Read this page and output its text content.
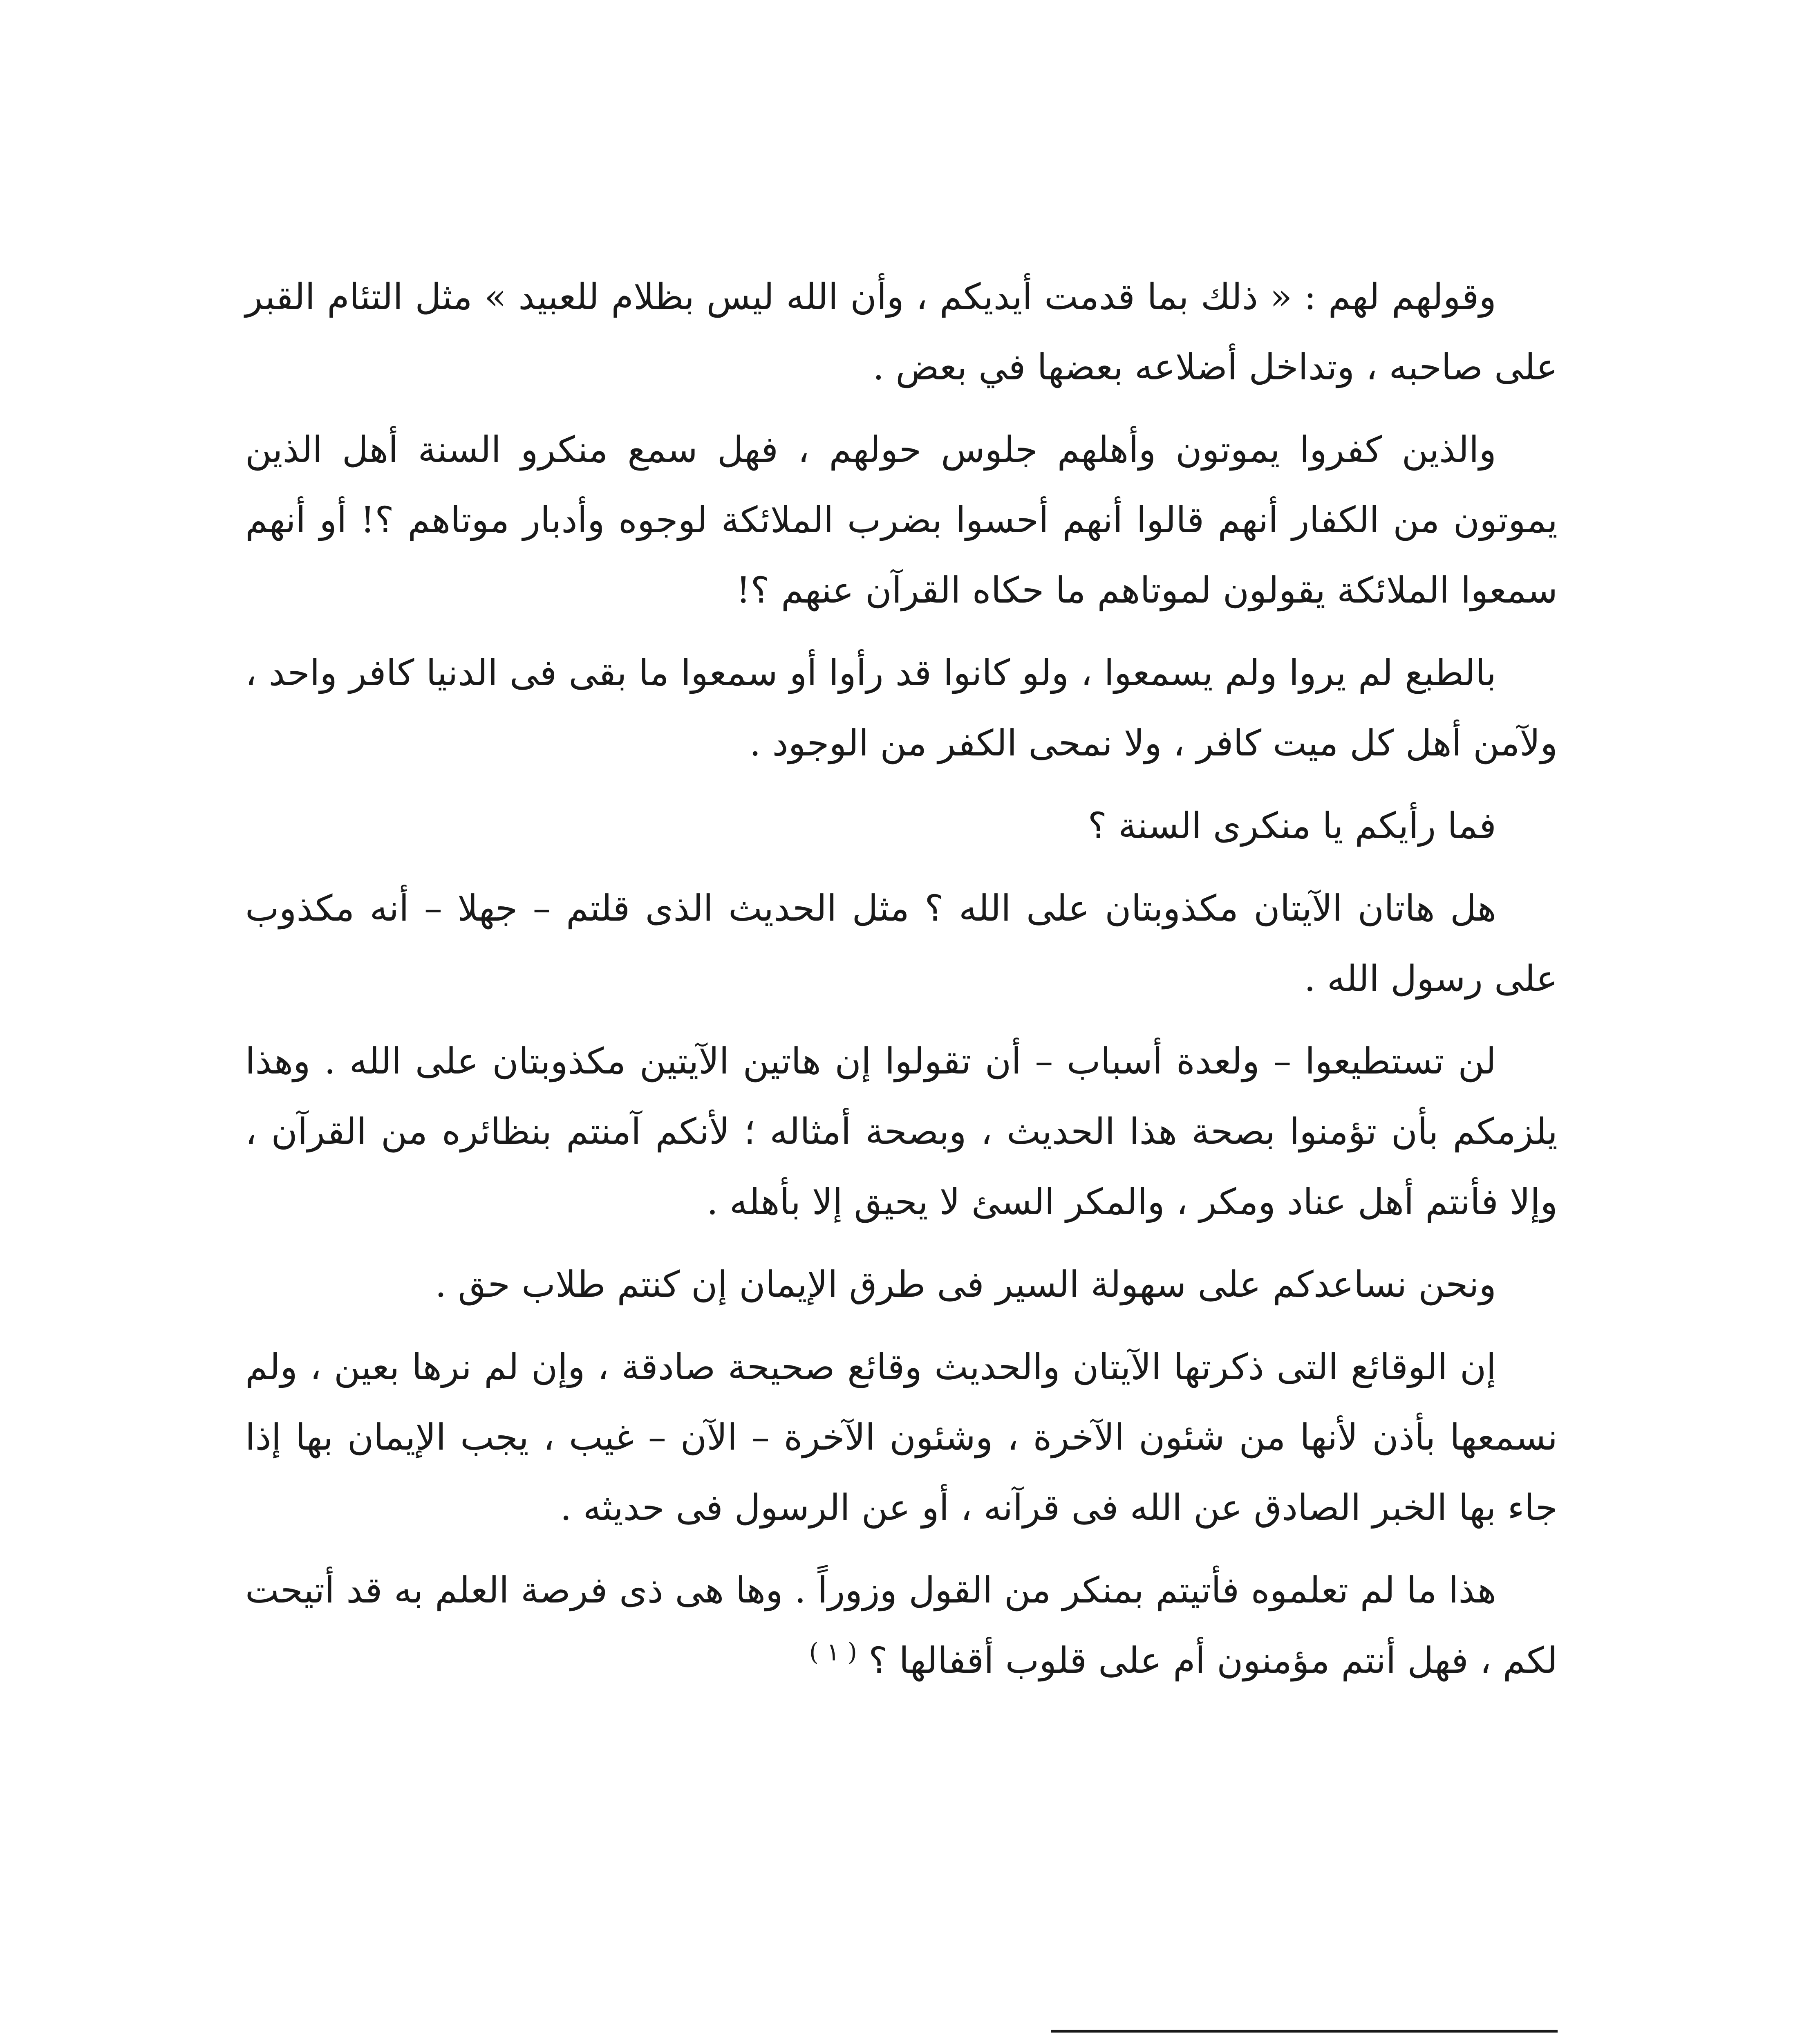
وقولهم لهم : « ذلك بما قدمت أيديكم ، وأن الله ليس بظلام للعبيد » مثل التئام القبر على صاحبه ، وتداخل أضلاعه بعضها في بعض .

والذين كفروا يموتون وأهلهم جلوس حولهم ، فهل سمع منكرو السنة أهل الذين يموتون من الكفار أنهم قالوا أنهم أحسوا بضرب الملائكة لوجوه وأدبار موتاهم ؟! أو أنهم سمعوا الملائكة يقولون لموتاهم ما حكاه القرآن عنهم ؟!

بالطبع لم يروا ولم يسمعوا ، ولو كانوا قد رأوا أو سمعوا ما بقى فى الدنيا كافر واحد ، ولآمن أهل كل ميت كافر ، ولا نمحى الكفر من الوجود .

فما رأيكم يا منكرى السنة ؟

هل هاتان الآيتان مكذوبتان على الله ؟ مثل الحديث الذى قلتم – جهلا – أنه مكذوب على رسول الله .

لن تستطيعوا – ولعدة أسباب – أن تقولوا إن هاتين الآيتين مكذوبتان على الله . وهذا يلزمكم بأن تؤمنوا بصحة هذا الحديث ، وبصحة أمثاله ؛ لأنكم آمنتم بنظائره من القرآن ، وإلا فأنتم أهل عناد ومكر ، والمكر السئ لا يحيق إلا بأهله .

ونحن نساعدكم على سهولة السير فى طرق الإيمان إن كنتم طلاب حق .

إن الوقائع التى ذكرتها الآيتان والحديث وقائع صحيحة صادقة ، وإن لم نرها بعين ، ولم نسمعها بأذن لأنها من شئون الآخرة ، وشئون الآخرة – الآن – غيب ، يجب الإيمان بها إذا جاء بها الخبر الصادق عن الله فى قرآنه ، أو عن الرسول فى حديثه .

هذا ما لم تعلموه فأتيتم بمنكر من القول وزوراً . وها هى ذى فرصة العلم به قد أتيحت لكم ، فهل أنتم مؤمنون أم على قلوب أقفالها ؟ $^{( ١ )}$
